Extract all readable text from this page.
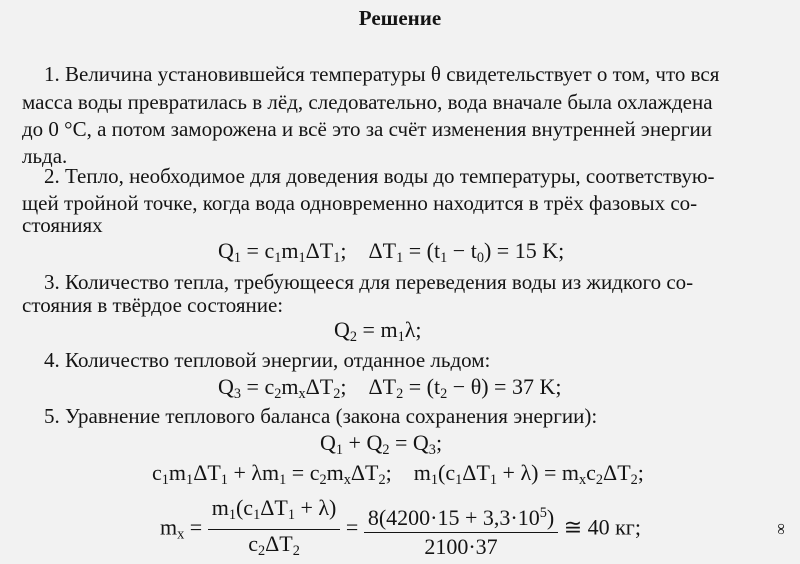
Решение
1. Величина установившейся температуры θ свидетельствует о том, что вся
масса воды превратилась в лёд, следовательно, вода вначале была охлаждена
до 0 °С, а потом заморожена и всё это за счёт изменения внутренней энергии
льда.
2. Тепло, необходимое для доведения воды до температуры, соответствую-
щей тройной точке, когда вода одновременно находится в трёх фазовых со-
стояниях
$Q_1 = c_1m_1\Delta T_1$;    $\Delta T_1 = (t_1 - t_0) = 15$ K;
3. Количество тепла, требующееся для переведения воды из жидкого со-
стояния в твёрдое состояние:
$Q_2 = m_1\lambda$;
4. Количество тепловой энергии, отданное льдом:
$Q_3 = c_2m_x\Delta T_2$;    $\Delta T_2 = (t_2 - \theta) = 37$ K;
5. Уравнение теплового баланса (закона сохранения энергии):
$Q_1 + Q_2 = Q_3$;
$c_1m_1\Delta T_1 + \lambda m_1 = c_2m_x\Delta T_2$;    $m_1(c_1\Delta T_1 + \lambda) = m_xc_2\Delta T_2$;
$m_x = \frac{m_1(c_1\Delta T_1 + \lambda)}{c_2\Delta T_2} = \frac{8(4200\cdot 15 + 3,3\cdot 10^5)}{2100\cdot 37}$ ≅ 40 кг;	∞
